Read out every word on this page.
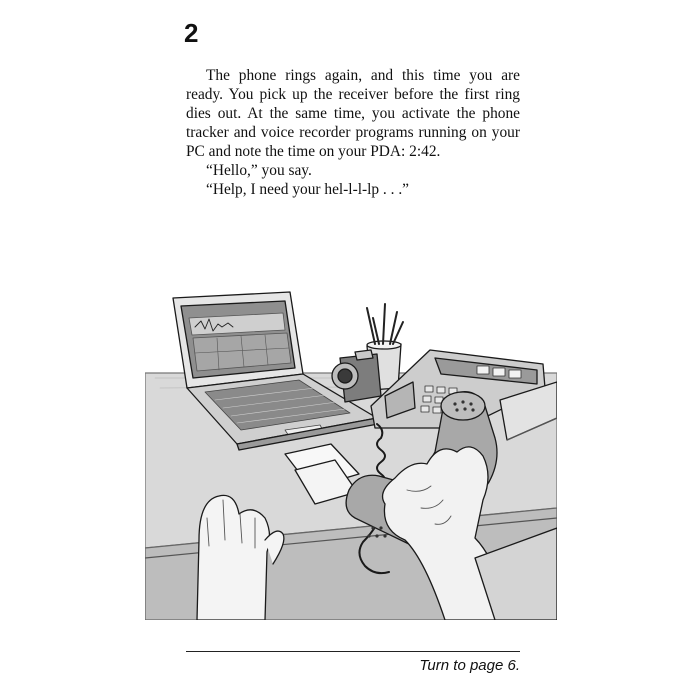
2

The phone rings again, and this time you are ready. You pick up the receiver before the first ring dies out. At the same time, you activate the phone tracker and voice recorder programs running on your PC and note the time on your PDA: 2:42.

“Hello,” you say.

“Help, I need your hel-l-l-lp . . .”

Turn to page 6.
